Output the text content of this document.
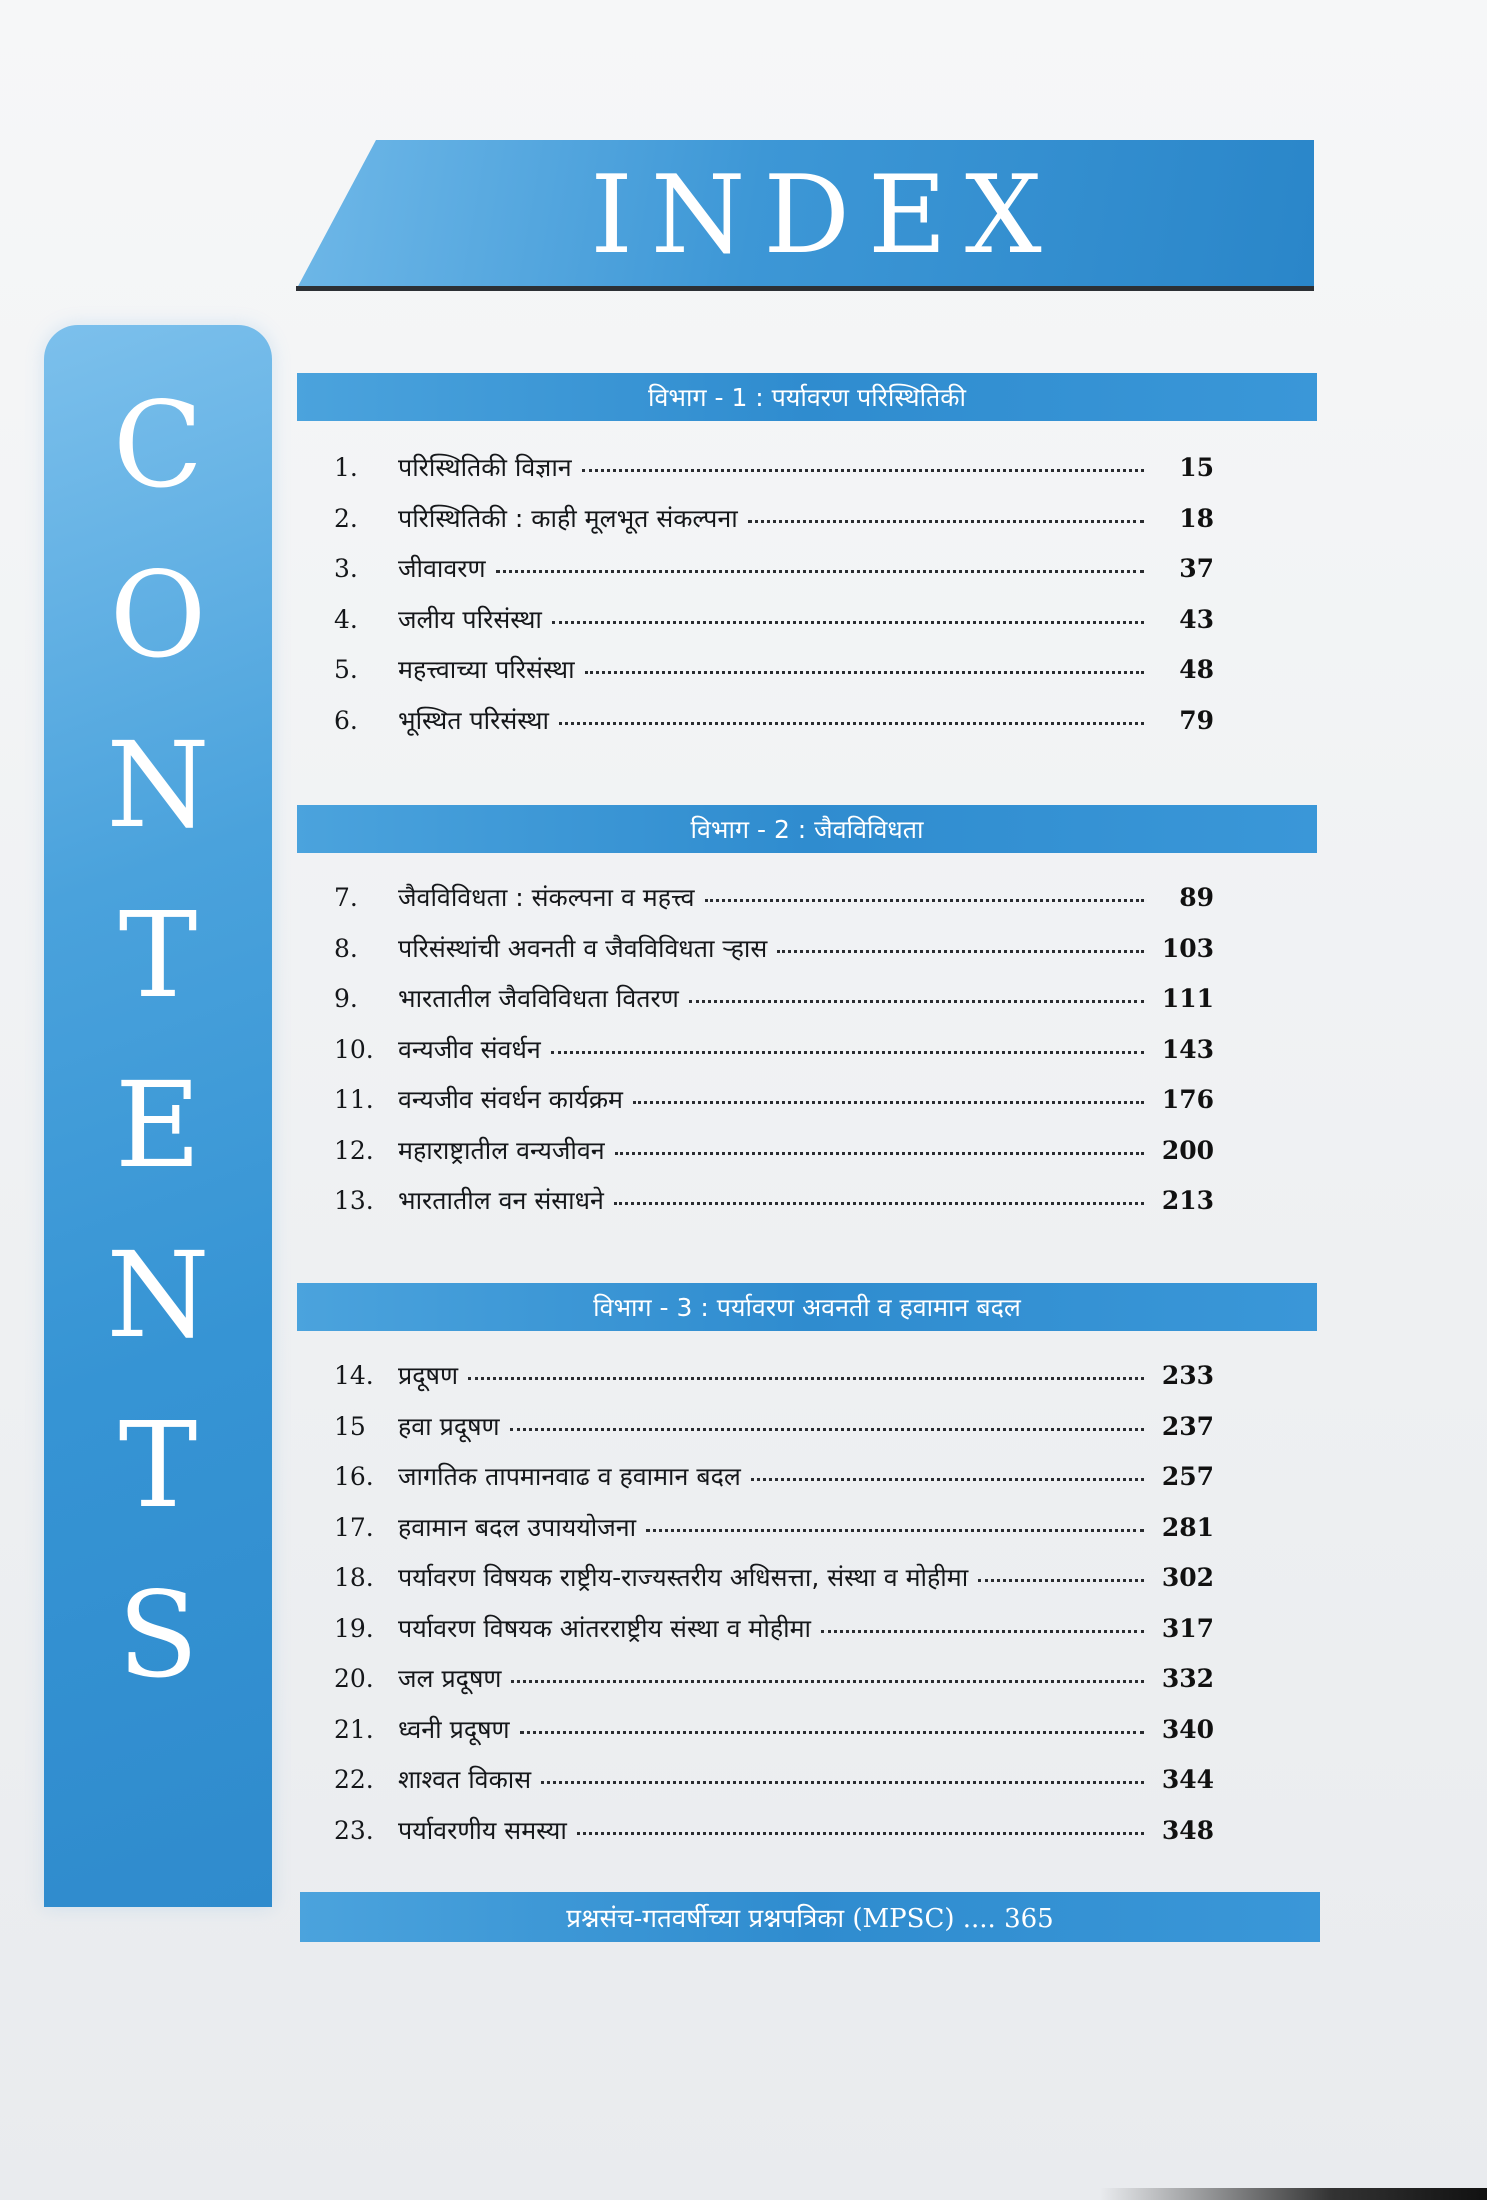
INDEX
C
O
N
T
E
N
T
S
विभाग - 1 : पर्यावरण परिस्थितिकी
1.	परिस्थितिकी विज्ञान	15
2.	परिस्थितिकी : काही मूलभूत संकल्पना	18
3.	जीवावरण	37
4.	जलीय परिसंस्था	43
5.	महत्त्वाच्या परिसंस्था	48
6.	भूस्थित परिसंस्था	79
विभाग - 2 : जैवविविधता
7.	जैवविविधता : संकल्पना व महत्त्व	89
8.	परिसंस्थांची अवनती व जैवविविधता ऱ्हास	103
9.	भारतातील जैवविविधता वितरण	111
10. वन्यजीव संवर्धन	143
11. वन्यजीव संवर्धन कार्यक्रम	176
12. महाराष्ट्रातील वन्यजीवन	200
13. भारतातील वन संसाधने	213
विभाग - 3 : पर्यावरण अवनती व हवामान बदल
14. प्रदूषण	233
15	हवा प्रदूषण	237
16. जागतिक तापमानवाढ व हवामान बदल	257
17. हवामान बदल उपाययोजना	281
18. पर्यावरण विषयक राष्ट्रीय-राज्यस्तरीय अधिसत्ता, संस्था व मोहीमा	302
19. पर्यावरण विषयक आंतरराष्ट्रीय संस्था व मोहीमा	317
20. जल प्रदूषण	332
21. ध्वनी प्रदूषण	340
22. शाश्वत विकास	344
23. पर्यावरणीय समस्या	348
प्रश्नसंच-गतवर्षीच्या प्रश्नपत्रिका (MPSC) .... 365
